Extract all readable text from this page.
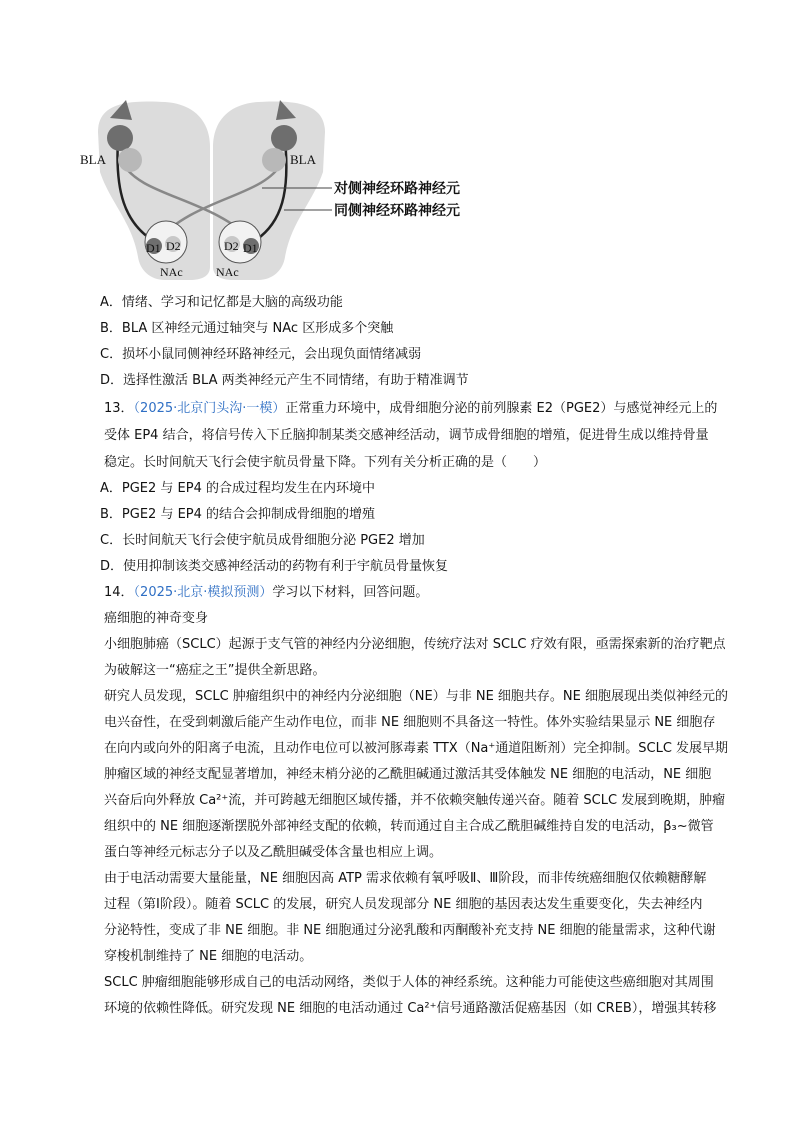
BLA	BLA
D1 D2	D2 D1
NAc	NAc
对侧神经环路神经元
同侧神经环路神经元
A．情绪、学习和记忆都是大脑的高级功能
B．BLA 区神经元通过轴突与 NAc 区形成多个突触
C．损坏小鼠同侧神经环路神经元，会出现负面情绪减弱
D．选择性激活 BLA 两类神经元产生不同情绪，有助于精准调节
13．（2025·北京门头沟·一模）正常重力环境中，成骨细胞分泌的前列腺素 E2（PGE2）与感觉神经元上的
受体 EP4 结合，将信号传入下丘脑抑制某类交感神经活动，调节成骨细胞的增殖，促进骨生成以维持骨量
稳定。长时间航天飞行会使宇航员骨量下降。下列有关分析正确的是（　　）
A．PGE2 与 EP4 的合成过程均发生在内环境中
B．PGE2 与 EP4 的结合会抑制成骨细胞的增殖
C．长时间航天飞行会使宇航员成骨细胞分泌 PGE2 增加
D．使用抑制该类交感神经活动的药物有利于宇航员骨量恢复
14．（2025·北京·模拟预测）学习以下材料，回答问题。
癌细胞的神奇变身
小细胞肺癌（SCLC）起源于支气管的神经内分泌细胞，传统疗法对 SCLC 疗效有限，亟需探索新的治疗靶点
为破解这一“癌症之王”提供全新思路。
研究人员发现，SCLC 肿瘤组织中的神经内分泌细胞（NE）与非 NE 细胞共存。NE 细胞展现出类似神经元的
电兴奋性，在受到刺激后能产生动作电位，而非 NE 细胞则不具备这一特性。体外实验结果显示 NE 细胞存
在向内或向外的阳离子电流，且动作电位可以被河豚毒素 TTX（Na⁺通道阻断剂）完全抑制。SCLC 发展早期
肿瘤区域的神经支配显著增加，神经末梢分泌的乙酰胆碱通过激活其受体触发 NE 细胞的电活动，NE 细胞
兴奋后向外释放 Ca²⁺流，并可跨越无细胞区域传播，并不依赖突触传递兴奋。随着 SCLC 发展到晚期，肿瘤
组织中的 NE 细胞逐渐摆脱外部神经支配的依赖，转而通过自主合成乙酰胆碱维持自发的电活动，β₃~微管
蛋白等神经元标志分子以及乙酰胆碱受体含量也相应上调。
由于电活动需要大量能量，NE 细胞因高 ATP 需求依赖有氧呼吸Ⅱ、Ⅲ阶段，而非传统癌细胞仅依赖糖酵解
过程（第Ⅰ阶段）。随着 SCLC 的发展，研究人员发现部分 NE 细胞的基因表达发生重要变化，失去神经内
分泌特性，变成了非 NE 细胞。非 NE 细胞通过分泌乳酸和丙酮酸补充支持 NE 细胞的能量需求，这种代谢
穿梭机制维持了 NE 细胞的电活动。
SCLC 肿瘤细胞能够形成自己的电活动网络，类似于人体的神经系统。这种能力可能使这些癌细胞对其周围
环境的依赖性降低。研究发现 NE 细胞的电活动通过 Ca²⁺信号通路激活促癌基因（如 CREB），增强其转移
